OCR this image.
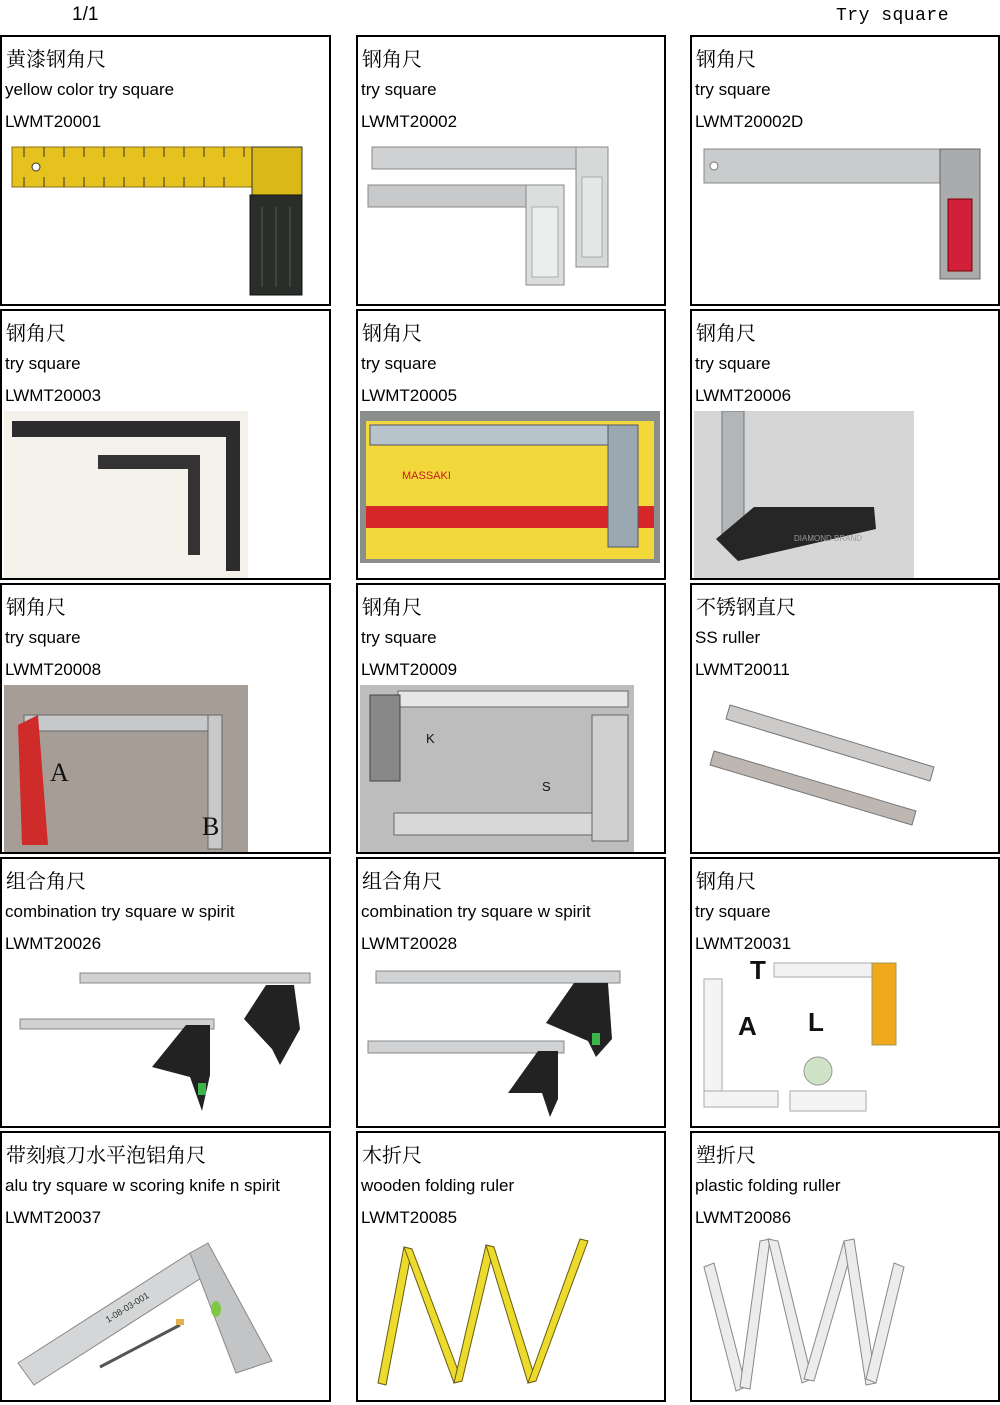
1/1	Try square
黄漆钢角尺
yellow color try square
LWMT20001
钢角尺
try square
LWMT20002
钢角尺
try square
LWMT20002D
钢角尺
try square
LWMT20003
钢角尺
try square
LWMT20005
MASSAKI
钢角尺
try square
LWMT20006
DIAMOND BRAND
钢角尺
try square
LWMT20008
A
B
钢角尺
try square
LWMT20009
K
S
不锈钢直尺
SS ruller
LWMT20011
组合角尺
combination try square w spirit
LWMT20026
组合角尺
combination try square w spirit
LWMT20028
钢角尺
try square
LWMT20031
T
A L
带刻痕刀水平泡铝角尺
alu try square w scoring knife n spirit
LWMT20037
1-08-03-001
木折尺
wooden folding ruler
LWMT20085
塑折尺
plastic folding ruller
LWMT20086
